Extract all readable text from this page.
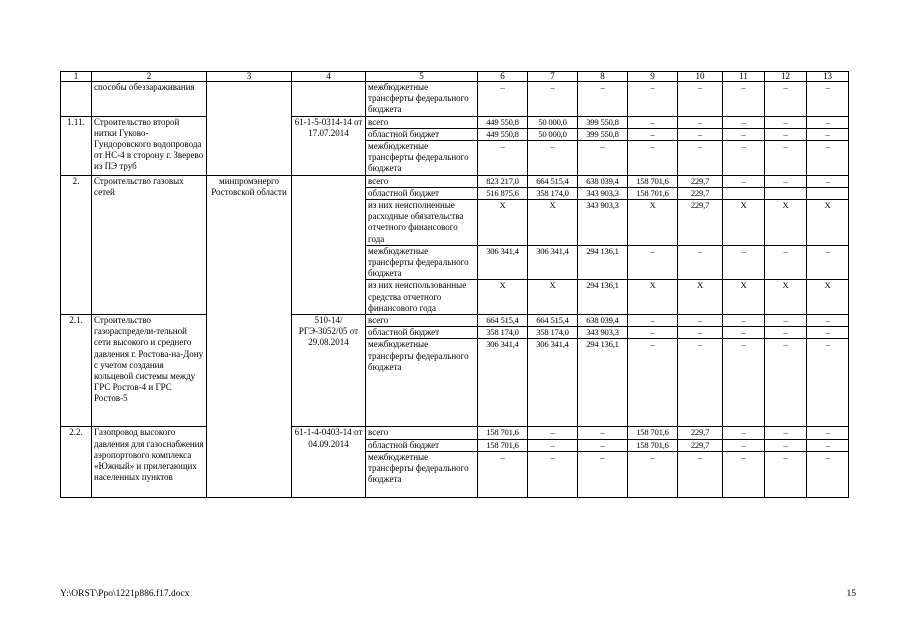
1	2	3	4	5	6	7	8	9	10	11	12	13
	способы обеззараживания			межбюджетные трансферты федерального бюджета	–	–	–	–	–	–	–	–
1.11.	Строительство второй нитки Гуково-Гундоровского водопровода от НС-4 в сторону г. Зверево из ПЭ труб		61-1-5-0314-14 от 17.07.2014	всего	449 550,8	50 000,0	399 550,8	–	–	–	–	–
				областной бюджет	449 550,8	50 000,0	399 550,8	–	–	–	–	–
				межбюджетные трансферты федерального бюджета	–	–	–	–	–	–	–	–
2.	Строительство газовых сетей	минпромэнерго Ростовской области		всего	823 217,0	664 515,4	638 039,4	158 701,6	229,7	–	–	–
				областной бюджет	516 875,6	358 174,0	343 903,3	158 701,6	229,7			
				из них неисполненные расходные обязательства отчетного финансового года	X	X	343 903,3	X	229,7	X	X	X
				межбюджетные трансферты федерального бюджета	306 341,4	306 341,4	294 136,1	–	–	–	–	–
				из них неиспользованные средства отчетного финансового года	X	X	294 136,1	X	X	X	X	X
2.1.	Строительство газораспредели-тельной сети высокого и среднего давления г. Ростова-на-Дону с учетом создания кольцевой системы между ГРС Ростов-4 и ГРС Ростов-5		510-14/РГЭ-3052/05 от 29.08.2014	всего	664 515,4	664 515,4	638 039,4	–	–	–	–	–
				областной бюджет	358 174,0	358 174,0	343 903,3	–	–	–	–	–
				межбюджетные трансферты федерального бюджета	306 341,4	306 341,4	294 136,1	–	–	–	–	–
2.2.	Газопровод высокого давления для газоснабжения аэропортового комплекса «Южный» и прилегающих населенных пунктов		61-1-4-0403-14 от 04.09.2014	всего	158 701,6	–	–	158 701,6	229,7	–	–	–
				областной бюджет	158 701,6	–	–	158 701,6	229,7	–	–	–
				межбюджетные трансферты федерального бюджета	–	–	–	–	–	–	–	–
Y:\ORST\Ppo\1221p886.f17.docx	15
